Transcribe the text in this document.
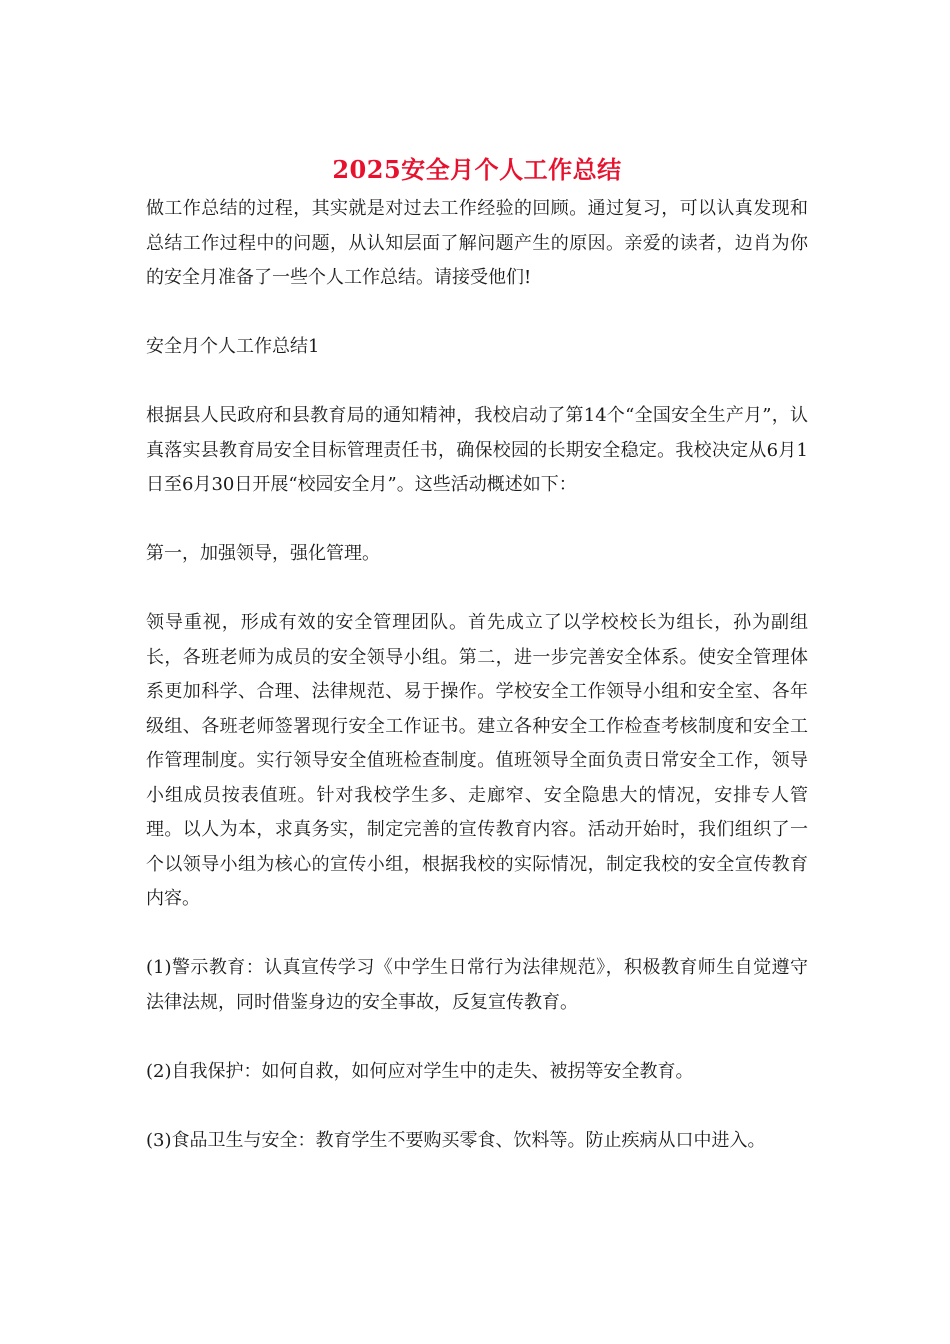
2025安全月个人工作总结

做工作总结的过程，其实就是对过去工作经验的回顾。通过复习，可以认真发现和总结工作过程中的问题，从认知层面了解问题产生的原因。亲爱的读者，边肖为你的安全月准备了一些个人工作总结。请接受他们!

安全月个人工作总结1

根据县人民政府和县教育局的通知精神，我校启动了第14个“全国安全生产月”，认真落实县教育局安全目标管理责任书，确保校园的长期安全稳定。我校决定从6月1日至6月30日开展“校园安全月”。这些活动概述如下：

第一，加强领导，强化管理。

领导重视，形成有效的安全管理团队。首先成立了以学校校长为组长，孙为副组长，各班老师为成员的安全领导小组。第二，进一步完善安全体系。使安全管理体系更加科学、合理、法律规范、易于操作。学校安全工作领导小组和安全室、各年级组、各班老师签署现行安全工作证书。建立各种安全工作检查考核制度和安全工作管理制度。实行领导安全值班检查制度。值班领导全面负责日常安全工作，领导小组成员按表值班。针对我校学生多、走廊窄、安全隐患大的情况，安排专人管理。以人为本，求真务实，制定完善的宣传教育内容。活动开始时，我们组织了一个以领导小组为核心的宣传小组，根据我校的实际情况，制定我校的安全宣传教育内容。

(1)警示教育：认真宣传学习《中学生日常行为法律规范》，积极教育师生自觉遵守法律法规，同时借鉴身边的安全事故，反复宣传教育。

(2)自我保护：如何自救，如何应对学生中的走失、被拐等安全教育。

(3)食品卫生与安全：教育学生不要购买零食、饮料等。防止疾病从口中进入。
